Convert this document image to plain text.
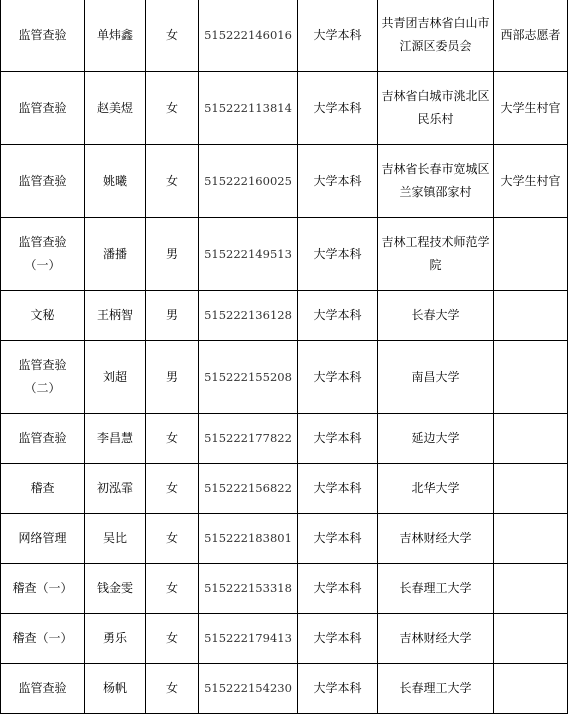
监管查验	单炜鑫	女	515222146016	大学本科	共青团吉林省白山市江源区委员会	西部志愿者
监管查验	赵美煜	女	515222113814	大学本科	吉林省白城市洮北区民乐村	大学生村官
监管查验	姚曦	女	515222160025	大学本科	吉林省长春市宽城区兰家镇邵家村	大学生村官
监管查验（一）	潘播	男	515222149513	大学本科	吉林工程技术师范学院	
文秘	王柄智	男	515222136128	大学本科	长春大学	
监管查验（二）	刘超	男	515222155208	大学本科	南昌大学	
监管查验	李昌慧	女	515222177822	大学本科	延边大学	
稽查	初泓霏	女	515222156822	大学本科	北华大学	
网络管理	吴比	女	515222183801	大学本科	吉林财经大学	
稽查（一）	钱金雯	女	515222153318	大学本科	长春理工大学	
稽查（一）	勇乐	女	515222179413	大学本科	吉林财经大学	
监管查验	杨帆	女	515222154230	大学本科	长春理工大学	
